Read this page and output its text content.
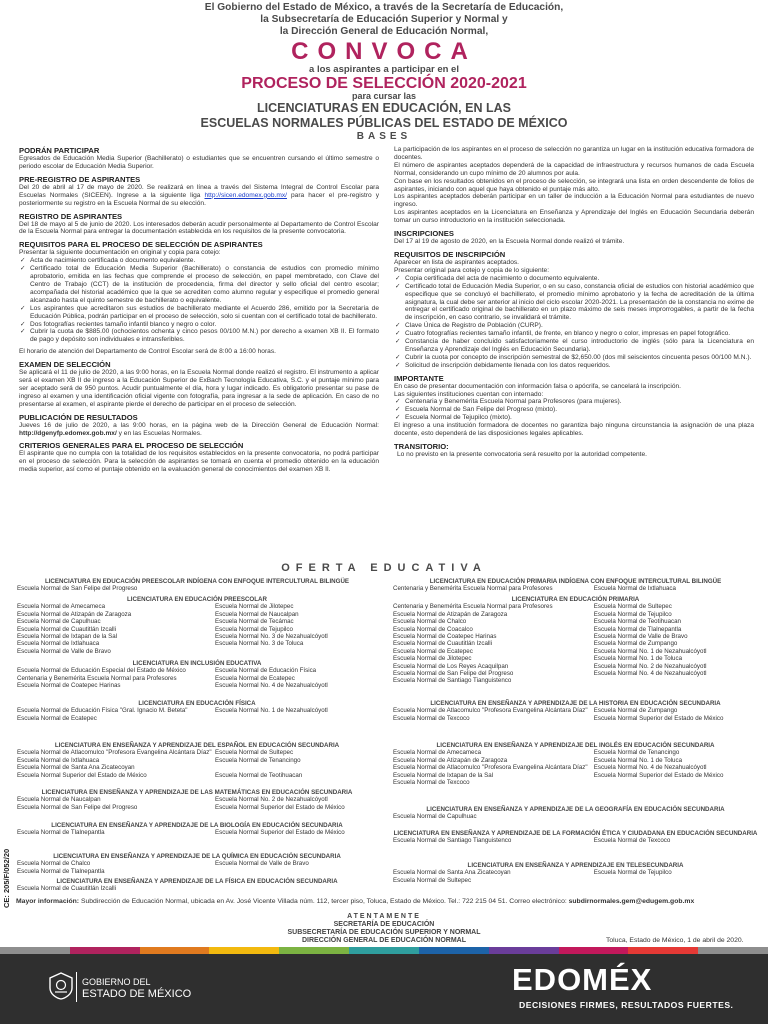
El Gobierno del Estado de México, a través de la Secretaría de Educación,
la Subsecretaría de Educación Superior y Normal y
la Dirección General de Educación Normal,
CONVOCA
a los aspirantes a participar en el
PROCESO DE SELECCIÓN 2020-2021
para cursar las
LICENCIATURAS EN EDUCACIÓN, EN LAS
ESCUELAS NORMALES PÚBLICAS DEL ESTADO DE MÉXICO
BASES
PODRÁN PARTICIPAR

Egresados de Educación Media Superior (Bachillerato) o estudiantes que se encuentren cursando el último semestre o periodo escolar de Educación Media Superior.

PRE-REGISTRO DE ASPIRANTES

Del 20 de abril al 17 de mayo de 2020. Se realizará en línea a través del Sistema Integral de Control Escolar para Escuelas Normales (SICEEN). Ingrese a la siguiente liga http://sicen.edomex.gob.mx/ para hacer el pre-registro y posteriormente su registro en la Escuela Normal de su elección.

REGISTRO DE ASPIRANTES

Del 18 de mayo al 5 de junio de 2020. Los interesados deberán acudir personalmente al Departamento de Control Escolar de la Escuela Normal para entregar la documentación establecida en los requisitos de la presente convocatoria.

REQUISITOS PARA EL PROCESO DE SELECCIÓN DE ASPIRANTES

Presentar la siguiente documentación en original y copia para cotejo:

✓ Acta de nacimiento certificada o documento equivalente.
✓ Certificado total de Educación Media Superior (Bachillerato) o constancia de estudios con promedio mínimo aprobatorio, emitida en las fechas que comprende el proceso de selección, en papel membretado, con Clave del Centro de Trabajo (CCT) de la institución de procedencia, firma del director y sello oficial del centro escolar; acompañada del historial académico que la que se acrediten como alumno regular y especifique el promedio general alcanzado hasta el quinto semestre de bachillerato o equivalente.
✓ Los aspirantes que acreditaron sus estudios de bachillerato mediante el Acuerdo 286, emitido por la Secretaría de Educación Pública, podrán participar en el proceso de selección, solo si cuentan con el certificado total de bachillerato.
✓ Dos fotografías recientes tamaño infantil blanco y negro o color.
✓ Cubrir la cuota de $885.00 (ochocientos ochenta y cinco pesos 00/100 M.N.) por derecho a examen XB II. El formato de pago y depósito son individuales e intransferibles.

El horario de atención del Departamento de Control Escolar será de 8:00 a 16:00 horas.

EXAMEN DE SELECCIÓN

Se aplicará el 11 de julio de 2020, a las 9:00 horas, en la Escuela Normal donde realizó el registro. El instrumento a aplicar será el examen XB II de ingreso a la Educación Superior de ExBach Tecnología Educativa, S.C. y el puntaje mínimo para ser aceptado será de 950 puntos. Acudir puntualmente el día, hora y lugar indicado. Es obligatorio presentar su pase de ingreso al examen y una identificación oficial vigente con fotografía, para ingresar a la sede de aplicación. En caso de no presentarse al examen, el aspirante pierde el derecho de participar en el proceso de selección.

PUBLICACIÓN DE RESULTADOS

Jueves 16 de julio de 2020, a las 9:00 horas, en la página web de la Dirección General de Educación Normal: http://dgenyfp.edomex.gob.mx/ y en las Escuelas Normales.

CRITERIOS GENERALES PARA EL PROCESO DE SELECCIÓN

El aspirante que no cumpla con la totalidad de los requisitos establecidos en la presente convocatoria, no podrá participar en el proceso de selección. Para la selección de aspirantes se tomará en cuenta el promedio obtenido en la educación media superior, así como el puntaje obtenido en la evaluación general de conocimientos del examen XB II.

La participación de los aspirantes en el proceso de selección no garantiza un lugar en la institución educativa formadora de docentes.

El número de aspirantes aceptados dependerá de la capacidad de infraestructura y recursos humanos de cada Escuela Normal, considerando un cupo mínimo de 20 alumnos por aula.

Con base en los resultados obtenidos en el proceso de selección, se integrará una lista en orden descendente de folios de aspirantes, iniciando con aquel que haya obtenido el puntaje más alto.

Los aspirantes aceptados deberán participar en un taller de inducción a la Educación Normal para estudiantes de nuevo ingreso.

Los aspirantes aceptados en la Licenciatura en Enseñanza y Aprendizaje del Inglés en Educación Secundaria deberán tomar un curso introductorio en la institución seleccionada.

INSCRIPCIONES

Del 17 al 19 de agosto de 2020, en la Escuela Normal donde realizó el trámite.

REQUISITOS DE INSCRIPCIÓN

Aparecer en lista de aspirantes aceptados.

Presentar original para cotejo y copia de lo siguiente:

✓ Copia certificada del acta de nacimiento o documento equivalente.
✓ Certificado total de Educación Media Superior, o en su caso, constancia oficial de estudios con historial académico que especifique que se concluyó el bachillerato, el promedio mínimo aprobatorio y la fecha de acreditación de la última asignatura, la cual debe ser anterior al inicio del ciclo escolar 2020-2021. La presentación de la constancia no exime de entregar el certificado original de bachillerato en un plazo máximo de seis meses improrrogables, a partir de la fecha de inscripción, en caso contrario, se invalidará el trámite.
✓ Clave Única de Registro de Población (CURP).
✓ Cuatro fotografías recientes tamaño infantil, de frente, en blanco y negro o color, impresas en papel fotográfico.
✓ Constancia de haber concluido satisfactoriamente el curso introductorio de inglés (sólo para la Licenciatura en Enseñanza y Aprendizaje del Inglés en Educación Secundaria).
✓ Cubrir la cuota por concepto de inscripción semestral de $2,650.00 (dos mil seiscientos cincuenta pesos 00/100 M.N.).
✓ Solicitud de inscripción debidamente llenada con los datos requeridos.
IMPORTANTE

En caso de presentar documentación con información falsa o apócrifa, se cancelará la inscripción.

Las siguientes instituciones cuentan con internado:

✓ Centenaria y Benemérita Escuela Normal para Profesores (para mujeres).
✓ Escuela Normal de San Felipe del Progreso (mixto).
✓ Escuela Normal de Tejupilco (mixto).

El ingreso a una institución formadora de docentes no garantiza bajo ninguna circunstancia la asignación de una plaza docente, esto dependerá de las disposiciones legales aplicables.

TRANSITORIO:

Lo no previsto en la presente convocatoria será resuelto por la autoridad competente.

OFERTA EDUCATIVA
LICENCIATURA EN EDUCACIÓN PREESCOLAR INDÍGENA CON ENFOQUE INTERCULTURAL BILINGÜE
Escuela Normal de San Felipe del Progreso
LICENCIATURA EN EDUCACIÓN PREESCOLAR
Escuela Normal de Amecameca	Escuela Normal de Jilotepec
Escuela Normal de Atizapán de Zaragoza	Escuela Normal de Naucalpan
Escuela Normal de Capulhuac	Escuela Normal de Tecámac
Escuela Normal de Cuautitlán Izcalli	Escuela Normal de Tejupilco
Escuela Normal de Ixtapan de la Sal	Escuela Normal No. 3 de Nezahualcóyotl
Escuela Normal de Ixtlahuaca	Escuela Normal No. 3 de Toluca
Escuela Normal de Valle de Bravo
LICENCIATURA EN INCLUSIÓN EDUCATIVA
Escuela Normal de Educación Especial del Estado de México	Escuela Normal de Educación Física
Centenaria y Benemérita Escuela Normal para Profesores	Escuela Normal de Ecatepec
Escuela Normal de Coatepec Harinas	Escuela Normal No. 4 de Nezahualcóyotl
LICENCIATURA EN EDUCACIÓN FÍSICA
Escuela Normal de Educación Física "Gral. Ignacio M. Beteta"	Escuela Normal No. 1 de Nezahualcóyotl
Escuela Normal de Ecatepec
LICENCIATURA EN ENSEÑANZA Y APRENDIZAJE DEL ESPAÑOL EN EDUCACIÓN SECUNDARIA
Escuela Normal de Atlacomulco "Profesora Evangelina Alcántara Díaz" Escuela Normal de Sultepec
Escuela Normal de Ixtlahuaca	Escuela Normal de Tenancingo
Escuela Normal de Santa Ana Zicatecoyan
Escuela Normal Superior del Estado de México	Escuela Normal de Teotihuacan
LICENCIATURA EN ENSEÑANZA Y APRENDIZAJE DE LAS MATEMÁTICAS EN EDUCACIÓN SECUNDARIA
Escuela Normal de Naucalpan	Escuela Normal No. 2 de Nezahualcóyotl
Escuela Normal de San Felipe del Progreso	Escuela Normal Superior del Estado de México
LICENCIATURA EN ENSEÑANZA Y APRENDIZAJE DE LA BIOLOGÍA EN EDUCACIÓN SECUNDARIA
Escuela Normal de Tlalnepantla	Escuela Normal Superior del Estado de México
LICENCIATURA EN ENSEÑANZA Y APRENDIZAJE DE LA QUÍMICA EN EDUCACIÓN SECUNDARIA
Escuela Normal de Chalco	Escuela Normal de Valle de Bravo
Escuela Normal de Tlalnepantla
LICENCIATURA EN ENSEÑANZA Y APRENDIZAJE DE LA FÍSICA EN EDUCACIÓN SECUNDARIA
Escuela Normal de Cuautitlán Izcalli
LICENCIATURA EN EDUCACIÓN PRIMARIA INDÍGENA CON ENFOQUE INTERCULTURAL BILINGÜE
Centenaria y Benemérita Escuela Normal para Profesores	Escuela Normal de Ixtlahuaca
LICENCIATURA EN EDUCACIÓN PRIMARIA
Centenaria y Benemérita Escuela Normal para Profesores	Escuela Normal de Sultepec
Escuela Normal de Atizapán de Zaragoza	Escuela Normal de Tejupilco
Escuela Normal de Chalco	Escuela Normal de Teotihuacan
Escuela Normal de Coacalco	Escuela Normal de Tlalnepantla
Escuela Normal de Coatepec Harinas	Escuela Normal de Valle de Bravo
Escuela Normal de Cuautitlán Izcalli	Escuela Normal de Zumpango
Escuela Normal de Ecatepec	Escuela Normal No. 1 de Nezahualcóyotl
Escuela Normal de Jilotepec	Escuela Normal No. 1 de Toluca
Escuela Normal de Los Reyes Acaquilpan	Escuela Normal No. 2 de Nezahualcóyotl
Escuela Normal de San Felipe del Progreso	Escuela Normal No. 4 de Nezahualcóyotl
Escuela Normal de Santiago Tianguistenco
LICENCIATURA EN ENSEÑANZA Y APRENDIZAJE DE LA HISTORIA EN EDUCACIÓN SECUNDARIA
Escuela Normal de Atlacomulco "Profesora Evangelina Alcántara Díaz" Escuela Normal de Zumpango
Escuela Normal de Texcoco	Escuela Normal Superior del Estado de México
LICENCIATURA EN ENSEÑANZA Y APRENDIZAJE DEL INGLÉS EN EDUCACIÓN SECUNDARIA
Escuela Normal de Amecameca	Escuela Normal de Tenancingo
Escuela Normal de Atizapán de Zaragoza	Escuela Normal No. 1 de Toluca
Escuela Normal de Atlacomulco "Profesora Evangelina Alcántara Díaz" Escuela Normal No. 4 de Nezahualcóyotl
Escuela Normal de Ixtapan de la Sal	Escuela Normal Superior del Estado de México
Escuela Normal de Texcoco
LICENCIATURA EN ENSEÑANZA Y APRENDIZAJE DE LA GEOGRAFÍA EN EDUCACIÓN SECUNDARIA
Escuela Normal de Capulhuac
LICENCIATURA EN ENSEÑANZA Y APRENDIZAJE DE LA FORMACIÓN ÉTICA Y CIUDADANA EN EDUCACIÓN SECUNDARIA
Escuela Normal de Santiago Tianguistenco	Escuela Normal de Texcoco
LICENCIATURA EN ENSEÑANZA Y APRENDIZAJE EN TELESECUNDARIA
Escuela Normal de Santa Ana Zicatecoyan	Escuela Normal de Tejupilco
Escuela Normal de Sultepec
CE: 205/F/052/20 Mayor información: Subdirección de Educación Normal, ubicada en Av. José Vicente Villada núm. 112, tercer piso, Toluca, Estado de México. Tel.: 722 215 04 51. Correo electrónico: subdirnormales.gem@edugem.gob.mx
ATENTAMENTE
SECRETARÍA DE EDUCACIÓN
SUBSECRETARÍA DE EDUCACIÓN SUPERIOR Y NORMAL
DIRECCIÓN GENERAL DE EDUCACIÓN NORMAL	Toluca, Estado de México, 1 de abril de 2020.
GOBIERNO DEL
ESTADO DE MÉXICO	EDOMÉX
DECISIONES FIRMES, RESULTADOS FUERTES.
